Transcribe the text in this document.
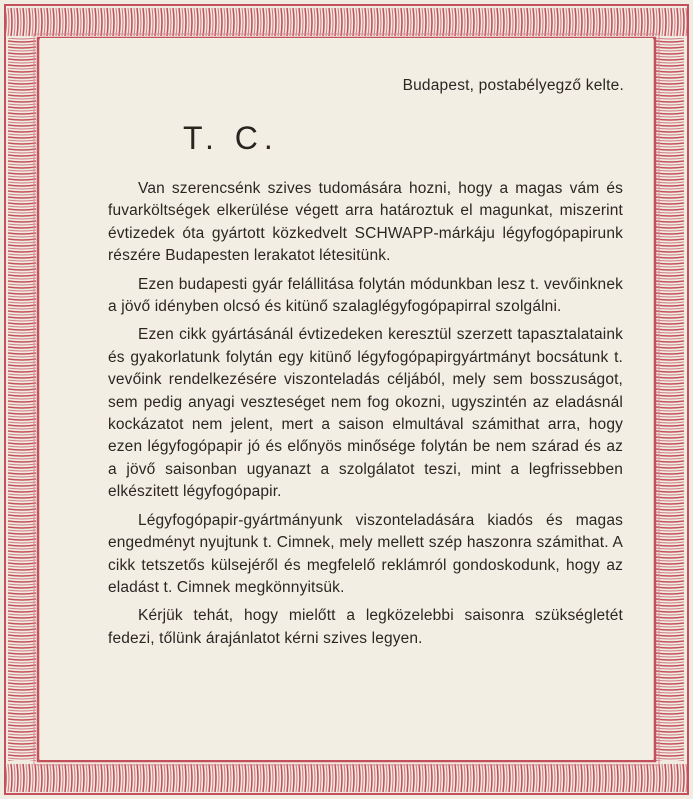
Budapest, postabélyegző kelte.
T. C.

Van szerencsénk szives tudomására hozni, hogy a magas vám és fuvarköltségek elkerülése végett arra határoztuk el magunkat, miszerint évtizedek óta gyártott közkedvelt SCHWAPP-márkáju légyfogópapirunk részére Budapesten lerakatot létesitünk.

Ezen budapesti gyár felállitása folytán módunkban lesz t. vevőinknek a jövő idényben olcsó és kitünő szalaglégyfogópapirral szolgálni.

Ezen cikk gyártásánál évtizedeken keresztül szerzett tapasztalataink és gyakorlatunk folytán egy kitünő légyfogópapirgyártmányt bocsátunk t. vevőink rendelkezésére viszonteladás céljából, mely sem bosszuságot, sem pedig anyagi veszteséget nem fog okozni, ugyszintén az eladásnál kockázatot nem jelent, mert a saison elmultával számithat arra, hogy ezen légyfogópapir jó és előnyös minősége folytán be nem szárad és az a jövő saisonban ugyanazt a szolgálatot teszi, mint a legfrissebben elkészitett légyfogópapir.

Légyfogópapir-gyártmányunk viszonteladására kiadós és magas engedményt nyujtunk t. Cimnek, mely mellett szép haszonra számithat. A cikk tetszetős külsejéről és megfelelő reklámról gondoskodunk, hogy az eladást t. Cimnek megkönnyitsük.

Kérjük tehát, hogy mielőtt a legközelebbi saisonra szükségletét fedezi, tőlünk árajánlatot kérni szives legyen.
